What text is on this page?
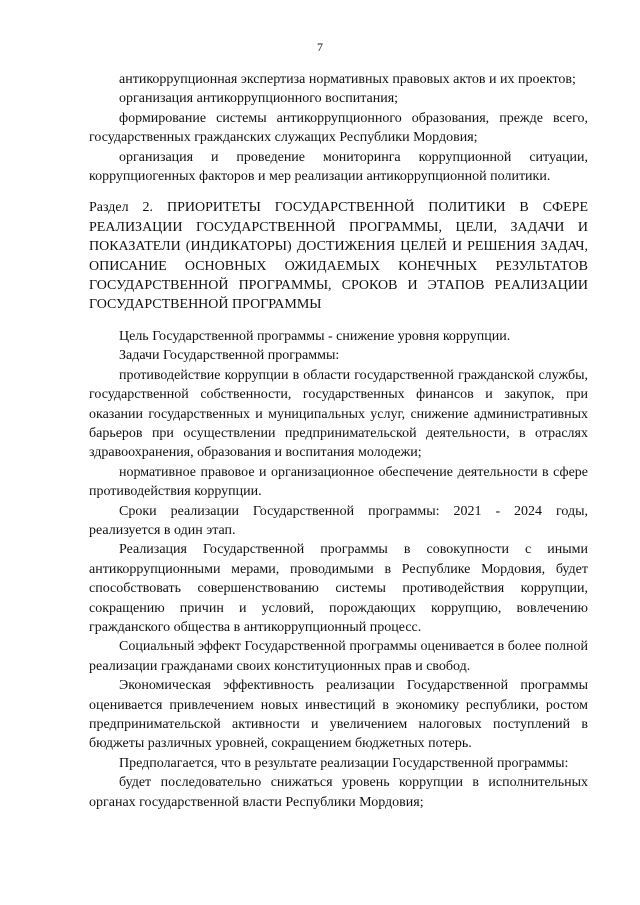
7

антикоррупционная экспертиза нормативных правовых актов и их проектов;

организация антикоррупционного воспитания;

формирование системы антикоррупционного образования, прежде всего, государственных гражданских служащих Республики Мордовия;

организация и проведение мониторинга коррупционной ситуации, коррупциогенных факторов и мер реализации антикоррупционной политики.

Раздел 2. ПРИОРИТЕТЫ ГОСУДАРСТВЕННОЙ ПОЛИТИКИ В СФЕРЕ РЕАЛИЗАЦИИ ГОСУДАРСТВЕННОЙ ПРОГРАММЫ, ЦЕЛИ, ЗАДАЧИ И ПОКАЗАТЕЛИ (ИНДИКАТОРЫ) ДОСТИЖЕНИЯ ЦЕЛЕЙ И РЕШЕНИЯ ЗАДАЧ, ОПИСАНИЕ ОСНОВНЫХ ОЖИДАЕМЫХ КОНЕЧНЫХ РЕЗУЛЬТАТОВ ГОСУДАРСТВЕННОЙ ПРОГРАММЫ, СРОКОВ И ЭТАПОВ РЕАЛИЗАЦИИ ГОСУДАРСТВЕННОЙ ПРОГРАММЫ

Цель Государственной программы - снижение уровня коррупции.

Задачи Государственной программы:

противодействие коррупции в области государственной гражданской службы, государственной собственности, государственных финансов и закупок, при оказании государственных и муниципальных услуг, снижение административных барьеров при осуществлении предпринимательской деятельности, в отраслях здравоохранения, образования и воспитания молодежи;

нормативное правовое и организационное обеспечение деятельности в сфере противодействия коррупции.

Сроки реализации Государственной программы: 2021 - 2024 годы, реализуется в один этап.

Реализация Государственной программы в совокупности с иными антикоррупционными мерами, проводимыми в Республике Мордовия, будет способствовать совершенствованию системы противодействия коррупции, сокращению причин и условий, порождающих коррупцию, вовлечению гражданского общества в антикоррупционный процесс.

Социальный эффект Государственной программы оценивается в более полной реализации гражданами своих конституционных прав и свобод.

Экономическая эффективность реализации Государственной программы оценивается привлечением новых инвестиций в экономику республики, ростом предпринимательской активности и увеличением налоговых поступлений в бюджеты различных уровней, сокращением бюджетных потерь.

Предполагается, что в результате реализации Государственной программы:

будет последовательно снижаться уровень коррупции в исполнительных органах государственной власти Республики Мордовия;
